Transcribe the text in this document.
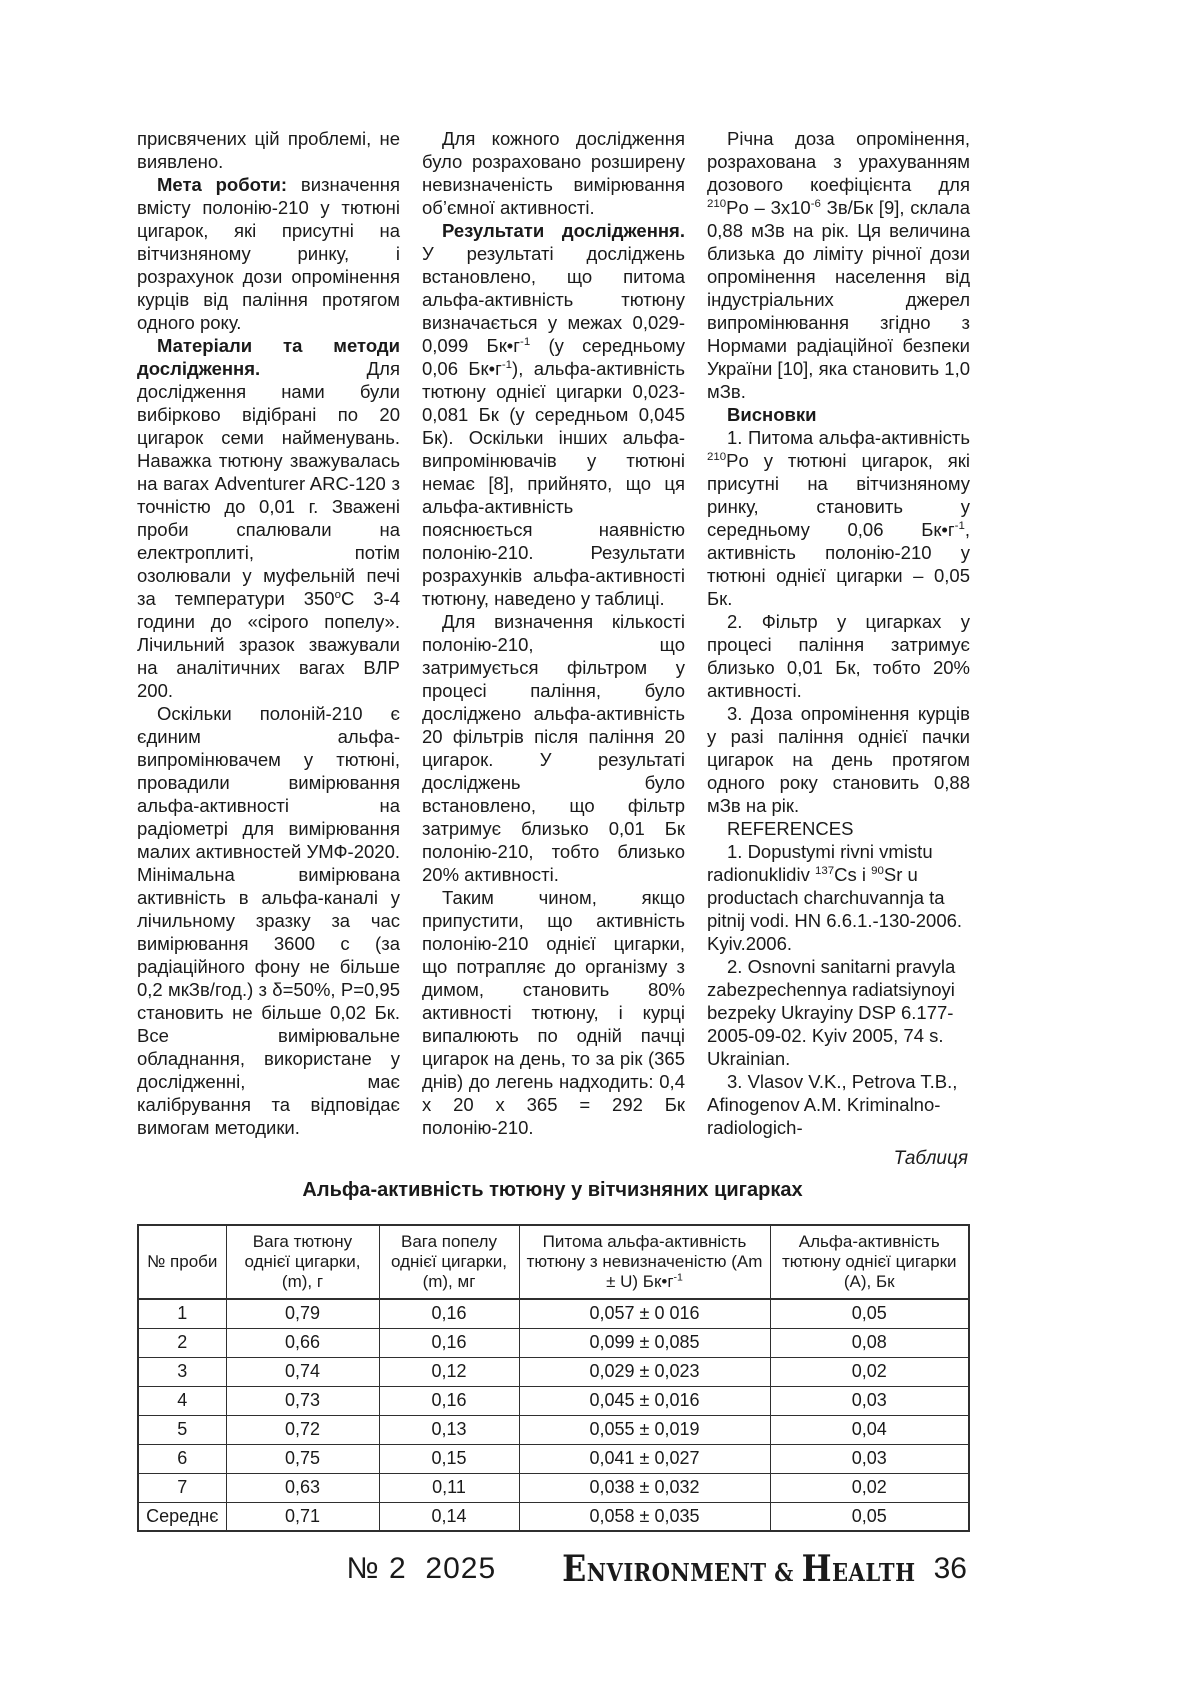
присвячених цій проблемі, не виявлено.

Мета роботи: визначення вмісту полонію-210 у тютюні цигарок, які присутні на вітчизняному ринку, і розрахунок дози опромінення курців від паління протягом одного року.

Матеріали та методи дослідження. Для дослідження нами були вибірково відібрані по 20 цигарок семи найменувань. Наважка тютюну зважувалась на вагах Adventurer ARC-120 з точністю до 0,01 г. Зважені проби спалювали на електроплиті, потім озолювали у муфельній печі за температури $350^оС$ 3-4 години до «сірого попелу». Лічильний зразок зважували на аналітичних вагах ВЛР 200.

Оскільки полоній-210 є єдиним альфа-випромінювачем у тютюні, провадили вимірювання альфа-активності на радіометрі для вимірювання малих активностей УМФ-2020. Мінімальна вимірювана активність в альфа-каналі у лічильному зразку за час вимірювання 3600 с (за радіаційного фону не більше 0,2 мкЗв/год.) з δ=50%, Р=0,95 становить не більше 0,02 Бк. Все вимірювальне обладнання, використане у дослідженні, має калібрування та відповідає вимогам методики.

Для кожного дослідження було розраховано розширену невизначеність вимірювання об’ємної активності.

Результати дослідження. У результаті досліджень встановлено, що питома альфа-активність тютюну визначається у межах 0,029-0,099 $Бк•г^{-1}$ (у середньому 0,06 $Бк•г^{-1}$), альфа-активність тютюну однієї цигарки 0,023-0,081 Бк (у середньом 0,045 Бк). Оскільки інших альфа-випромінювачів у тютюні немає [8], прийнято, що ця альфа-активність пояснюється наявністю полонію-210. Результати розрахунків альфа-активності тютюну, наведено у таблиці.

Для визначення кількості полонію-210, що затримується фільтром у процесі паління, було досліджено альфа-активність 20 фільтрів після паління 20 цигарок. У результаті досліджень було встановлено, що фільтр затримує близько 0,01 Бк полонію-210, тобто близько 20% активності.

Таким чином, якщо припустити, що активність полонію-210 однієї цигарки, що потрапляє до організму з димом, становить 80% активності тютюну, і курці випалюють по одній пачці цигарок на день, то за рік (365 днів) до легень надходить: 0,4 х 20 х 365 = 292 Бк полонію-210.

Річна доза опромінення, розрахована з урахуванням дозового коефіцієнта для $^{210}Po - 3х10^{-6}$ Зв/Бк [9], склала 0,88 мЗв на рік. Ця величина близька до ліміту річної дози опромінення населення від індустріальних джерел випромінювання згідно з Нормами радіаційної безпеки України [10], яка становить 1,0 мЗв.

Висновки

1. Питома альфа-активність $^{210}$Po у тютюні цигарок, які присутні на вітчизняному ринку, становить у середньому 0,06 $Бк•г^{-1}$, активність полонію-210 у тютюні однієї цигарки – 0,05 Бк.

2. Фільтр у цигарках у процесі паління затримує близько 0,01 Бк, тобто 20% активності.

3. Доза опромінення курців у разі паління однієї пачки цигарок на день протягом одного року становить 0,88 мЗв на рік.

REFERENCES

1. Dopustymi rivni vmistu radionuklidiv $^{137}$Cs i $^{90}$Sr u productach charchuvannja ta pitnij vodi. HN 6.6.1.-130-2006. Kyiv.2006.

2. Osnovni sanitarni pravyla zabezpechennya radiatsiynoyi bezpeky Ukrayiny DSP 6.177-2005-09-02. Kyiv 2005, 74 s. Ukrainian.

3. Vlasov V.K., Petrova T.B., Afinogenov A.M. Kriminalno-radiologich-

Таблиця

Альфа-активність тютюну у вітчизняних цигарках

№ проби	Вага тютюну однієї цигарки, (m), г	Вага попелу однієї цигарки, (m), мг	Питома альфа-активність тютюну з невизначеністю (Аm ± U) $Бк•г^{-1}$	Альфа-активність тютюну однієї цигарки (А), Бк
1	0,79	0,16	0,057 ± 0 016	0,05
2	0,66	0,16	0,099 ± 0,085	0,08
3	0,74	0,12	0,029 ± 0,023	0,02
4	0,73	0,16	0,045 ± 0,016	0,03
5	0,72	0,13	0,055 ± 0,019	0,04
6	0,75	0,15	0,041 ± 0,027	0,03
7	0,63	0,11	0,038 ± 0,032	0,02
Середнє	0,71	0,14	0,058 ± 0,035	0,05
№ 2  2025 ENVIRONMENT & HEALTH 36
